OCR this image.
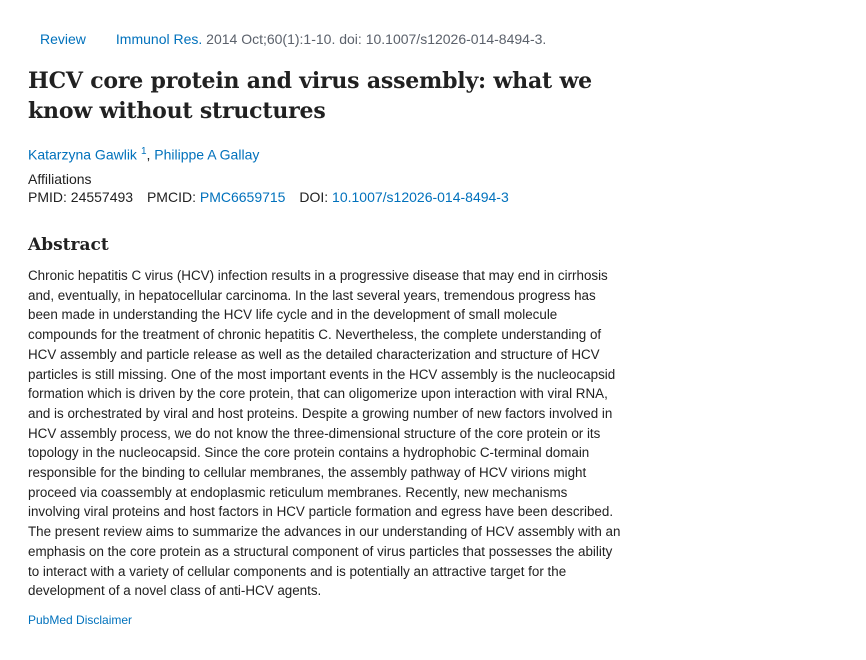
Review Immunol Res. 2014 Oct;60(1):1-10. doi: 10.1007/s12026-014-8494-3.
HCV core protein and virus assembly: what we know without structures
Katarzyna Gawlik $^1$, Philippe A Gallay
Affiliations
PMID: 24557493 PMCID: PMC6659715 DOI: 10.1007/s12026-014-8494-3
Abstract

Chronic hepatitis C virus (HCV) infection results in a progressive disease that may end in cirrhosis and, eventually, in hepatocellular carcinoma. In the last several years, tremendous progress has been made in understanding the HCV life cycle and in the development of small molecule compounds for the treatment of chronic hepatitis C. Nevertheless, the complete understanding of HCV assembly and particle release as well as the detailed characterization and structure of HCV particles is still missing. One of the most important events in the HCV assembly is the nucleocapsid formation which is driven by the core protein, that can oligomerize upon interaction with viral RNA, and is orchestrated by viral and host proteins. Despite a growing number of new factors involved in HCV assembly process, we do not know the three-dimensional structure of the core protein or its topology in the nucleocapsid. Since the core protein contains a hydrophobic C-terminal domain responsible for the binding to cellular membranes, the assembly pathway of HCV virions might proceed via coassembly at endoplasmic reticulum membranes. Recently, new mechanisms involving viral proteins and host factors in HCV particle formation and egress have been described. The present review aims to summarize the advances in our understanding of HCV assembly with an emphasis on the core protein as a structural component of virus particles that possesses the ability to interact with a variety of cellular components and is potentially an attractive target for the development of a novel class of anti-HCV agents.

PubMed Disclaimer
